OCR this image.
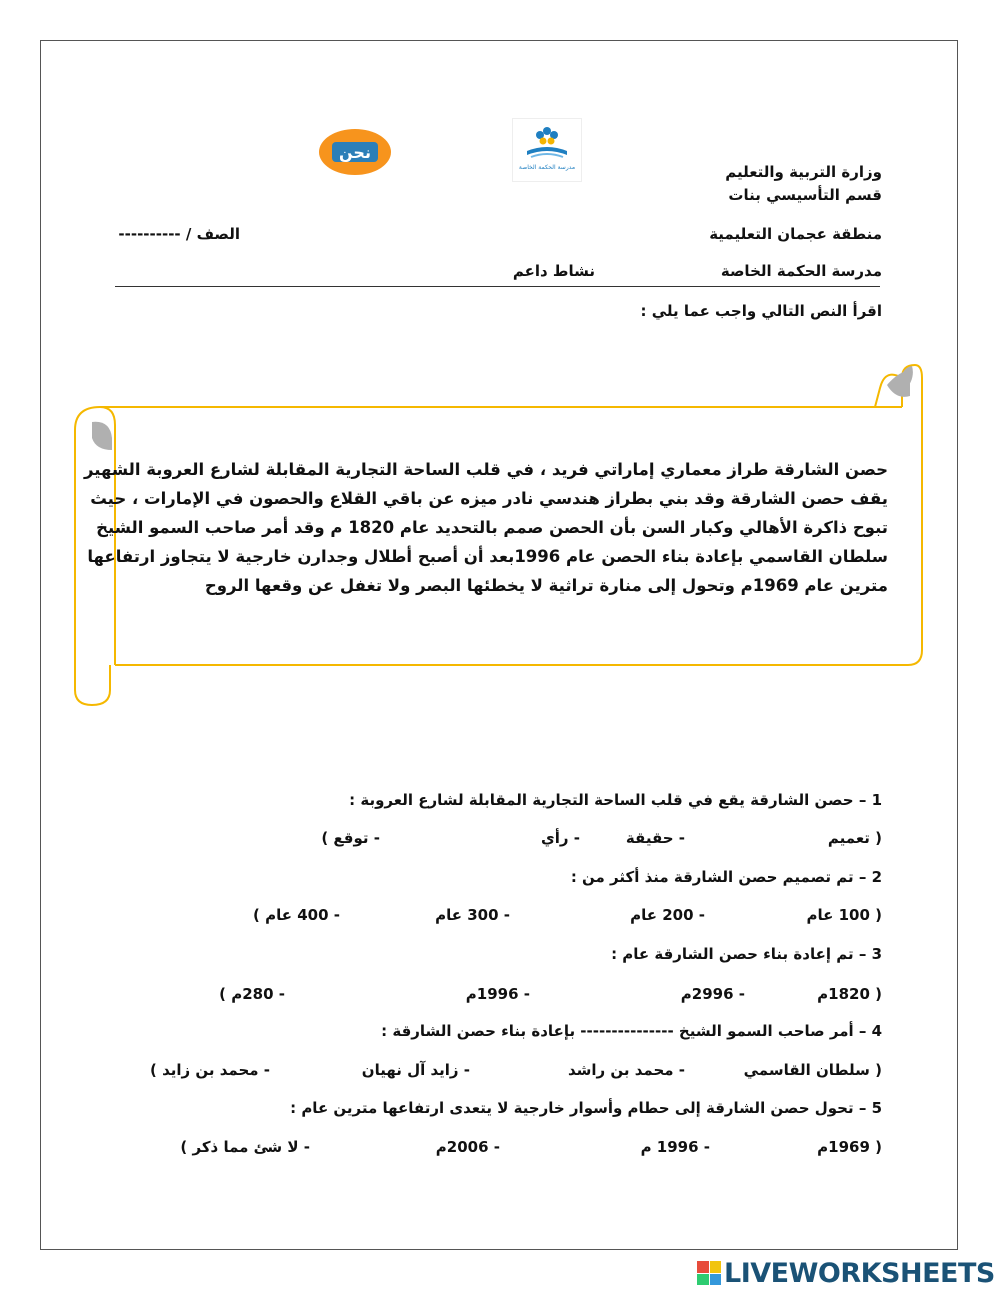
نحن
مدرسة الحكمة الخاصة	وزارة التربية والتعليم
قسم التأسيسي بنات
منطقة عجمان التعليمية
الصف / ----------
مدرسة الحكمة الخاصة
نشاط داعم
اقرأ النص التالي واجب عما يلي :
حصن الشارقة طراز معماري إماراتي فريد ، في قلب الساحة التجارية المقابلة لشارع العروبة الشهير
يقف حصن الشارقة وقد بني بطراز هندسي نادر ميزه عن باقي القلاع والحصون في الإمارات ، حيث
تبوح ذاكرة الأهالي وكبار السن بأن الحصن صمم بالتحديد عام 1820 م وقد أمر صاحب السمو الشيخ
سلطان القاسمي بإعادة بناء الحصن عام 1996بعد أن أصبح أطلال وجدارن خارجية لا يتجاوز ارتفاعها
مترين عام 1969م وتحول إلى منارة تراثية لا يخطئها البصر ولا تغفل عن وقعها الروح
1 – حصن الشارقة يقع في قلب الساحة التجارية المقابلة لشارع العروبة :
( تعميم
- حقيقة
- رأي
- توقع )
2 – تم تصميم حصن الشارقة منذ أكثر من :
( 100 عام
- 200 عام
- 300 عام
- 400 عام )
3 – تم إعادة بناء حصن الشارقة عام :
( 1820م
- 2996م
- 1996م
- 280م )
4 – أمر صاحب السمو الشيخ --------------- بإعادة بناء حصن الشارقة :
( سلطان القاسمي
- محمد بن راشد
- زايد آل نهيان
- محمد بن زايد )
5 – تحول حصن الشارقة إلى حطام وأسوار خارجية لا يتعدى ارتفاعها مترين عام :
( 1969م
- 1996 م
- 2006م
- لا شئ مما ذكر )
LIVEWORKSHEETS
